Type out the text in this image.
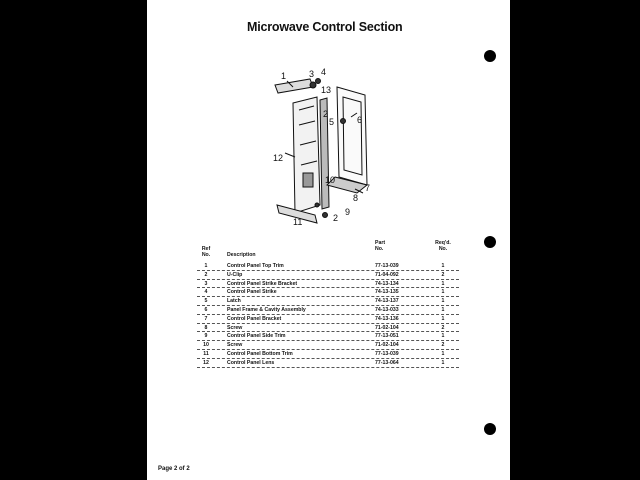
Microwave Control Section
1	3 4
13
2
5	6
12
10
7
8
9
2
11
Ref
No.	Description
Part
No.
Req'd.
No.
1	Control Panel Top Trim	77-13-039	1
2	U-Clip	71-04-092	2
3	Control Panel Strike Bracket	74-13-134	1
4	Control Panel Strike	74-13-135	1
5	Latch	74-13-137	1
6	Panel Frame & Cavity Assembly	74-13-033	1
7	Control Panel Bracket	74-13-136	1
8	Screw	71-02-104	2
9	Control Panel Side Trim	77-13-051	1
10	Screw	71-02-104	2
11	Control Panel Bottom Trim	77-13-039	1
12	Control Panel Lens	77-13-064	1
Page 2 of 2
